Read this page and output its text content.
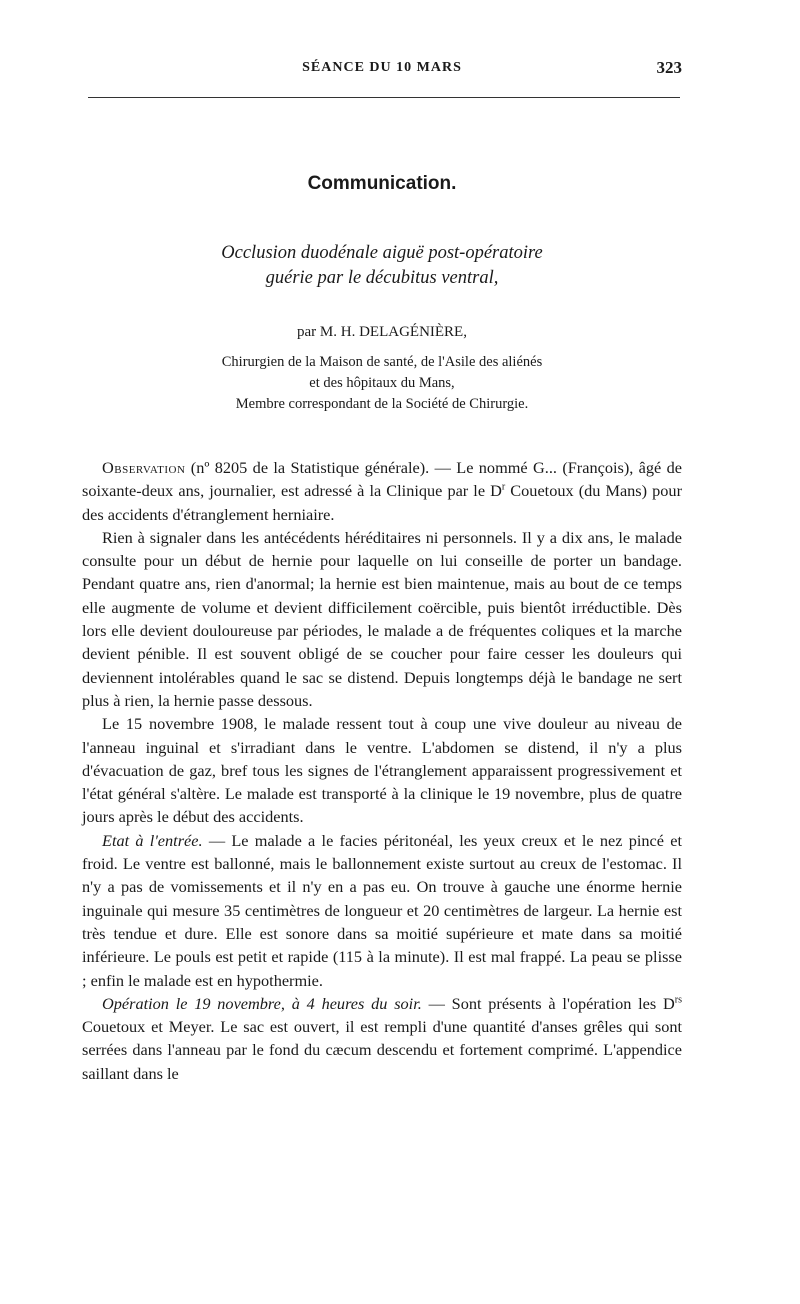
SÉANCE DU 10 MARS	323
Communication.
Occlusion duodénale aiguë post-opératoire
guérie par le décubitus ventral,
par M. H. DELAGÉNIÈRE,
Chirurgien de la Maison de santé, de l'Asile des aliénés
et des hôpitaux du Mans,
Membre correspondant de la Société de Chirurgie.

Observation (nº 8205 de la Statistique générale). — Le nommé G... (François), âgé de soixante-deux ans, journalier, est adressé à la Clinique par le $D^r$ Couetoux (du Mans) pour des accidents d'étranglement herniaire.

Rien à signaler dans les antécédents héréditaires ni personnels. Il y a dix ans, le malade consulte pour un début de hernie pour laquelle on lui conseille de porter un bandage. Pendant quatre ans, rien d'anormal; la hernie est bien maintenue, mais au bout de ce temps elle augmente de volume et devient difficilement coërcible, puis bientôt irréductible. Dès lors elle devient douloureuse par périodes, le malade a de fréquentes coliques et la marche devient pénible. Il est souvent obligé de se coucher pour faire cesser les douleurs qui deviennent intolérables quand le sac se distend. Depuis longtemps déjà le bandage ne sert plus à rien, la hernie passe dessous.

Le 15 novembre 1908, le malade ressent tout à coup une vive douleur au niveau de l'anneau inguinal et s'irradiant dans le ventre. L'abdomen se distend, il n'y a plus d'évacuation de gaz, bref tous les signes de l'étranglement apparaissent progressivement et l'état général s'altère. Le malade est transporté à la clinique le 19 novembre, plus de quatre jours après le début des accidents.

Etat à l'entrée. — Le malade a le facies péritonéal, les yeux creux et le nez pincé et froid. Le ventre est ballonné, mais le ballonnement existe surtout au creux de l'estomac. Il n'y a pas de vomissements et il n'y en a pas eu. On trouve à gauche une énorme hernie inguinale qui mesure 35 centimètres de longueur et 20 centimètres de largeur. La hernie est très tendue et dure. Elle est sonore dans sa moitié supérieure et mate dans sa moitié inférieure. Le pouls est petit et rapide (115 à la minute). Il est mal frappé. La peau se plisse ; enfin le malade est en hypothermie.

Opération le 19 novembre, à 4 heures du soir. — Sont présents à l'opération les $D^{rs}$ Couetoux et Meyer. Le sac est ouvert, il est rempli d'une quantité d'anses grêles qui sont serrées dans l'anneau par le fond du cæcum descendu et fortement comprimé. L'appendice saillant dans le
